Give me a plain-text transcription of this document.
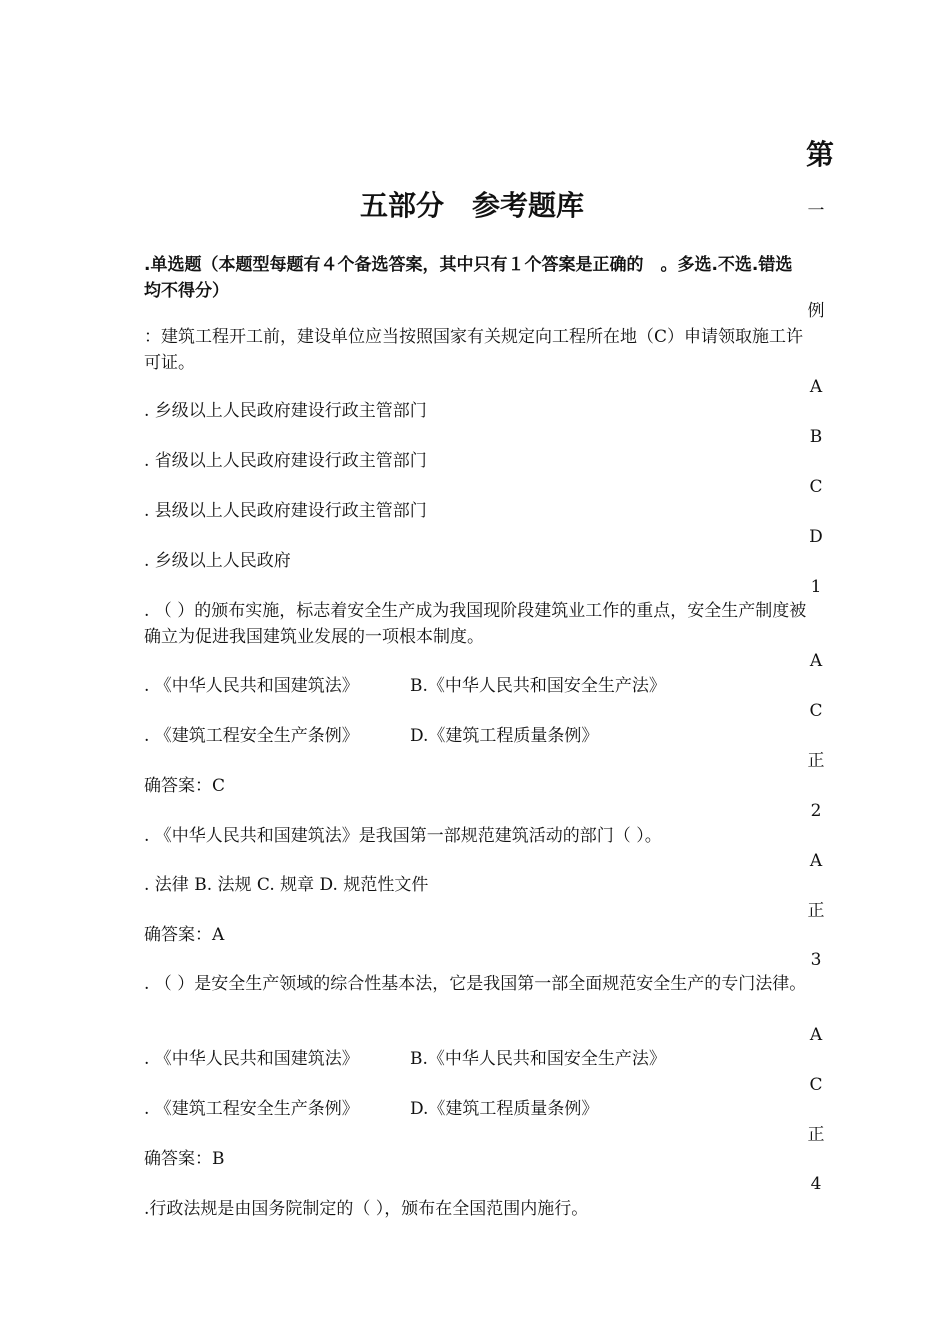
第
五部分　参考题库

.单选题（本题型每题有４个备选答案，其中只有１个答案是正确的　。多选.不选.错选均不得分）

：建筑工程开工前，建设单位应当按照国家有关规定向工程所在地（C）申请领取施工许可证。

. 乡级以上人民政府建设行政主管部门
. 省级以上人民政府建设行政主管部门
. 县级以上人民政府建设行政主管部门
. 乡级以上人民政府

. （ ）的颁布实施，标志着安全生产成为我国现阶段建筑业工作的重点，安全生产制度被确立为促进我国建筑业发展的一项根本制度。

. 《中华人民共和国建筑法》	B.《中华人民共和国安全生产法》
. 《建筑工程安全生产条例》	D.《建筑工程质量条例》
确答案：C
. 《中华人民共和国建筑法》是我国第一部规范建筑活动的部门（ ）。
. 法律 B. 法规 C. 规章 D. 规范性文件
确答案：A

. （ ）是安全生产领域的综合性基本法，它是我国第一部全面规范安全生产的专门法律。

. 《中华人民共和国建筑法》	B.《中华人民共和国安全生产法》
. 《建筑工程安全生产条例》	D.《建筑工程质量条例》
确答案：B
.行政法规是由国务院制定的（ ），颁布在全国范围内施行。
一
例
A
B
C
D
1
A
C
正
2
A
正
3
A
C
正
4
